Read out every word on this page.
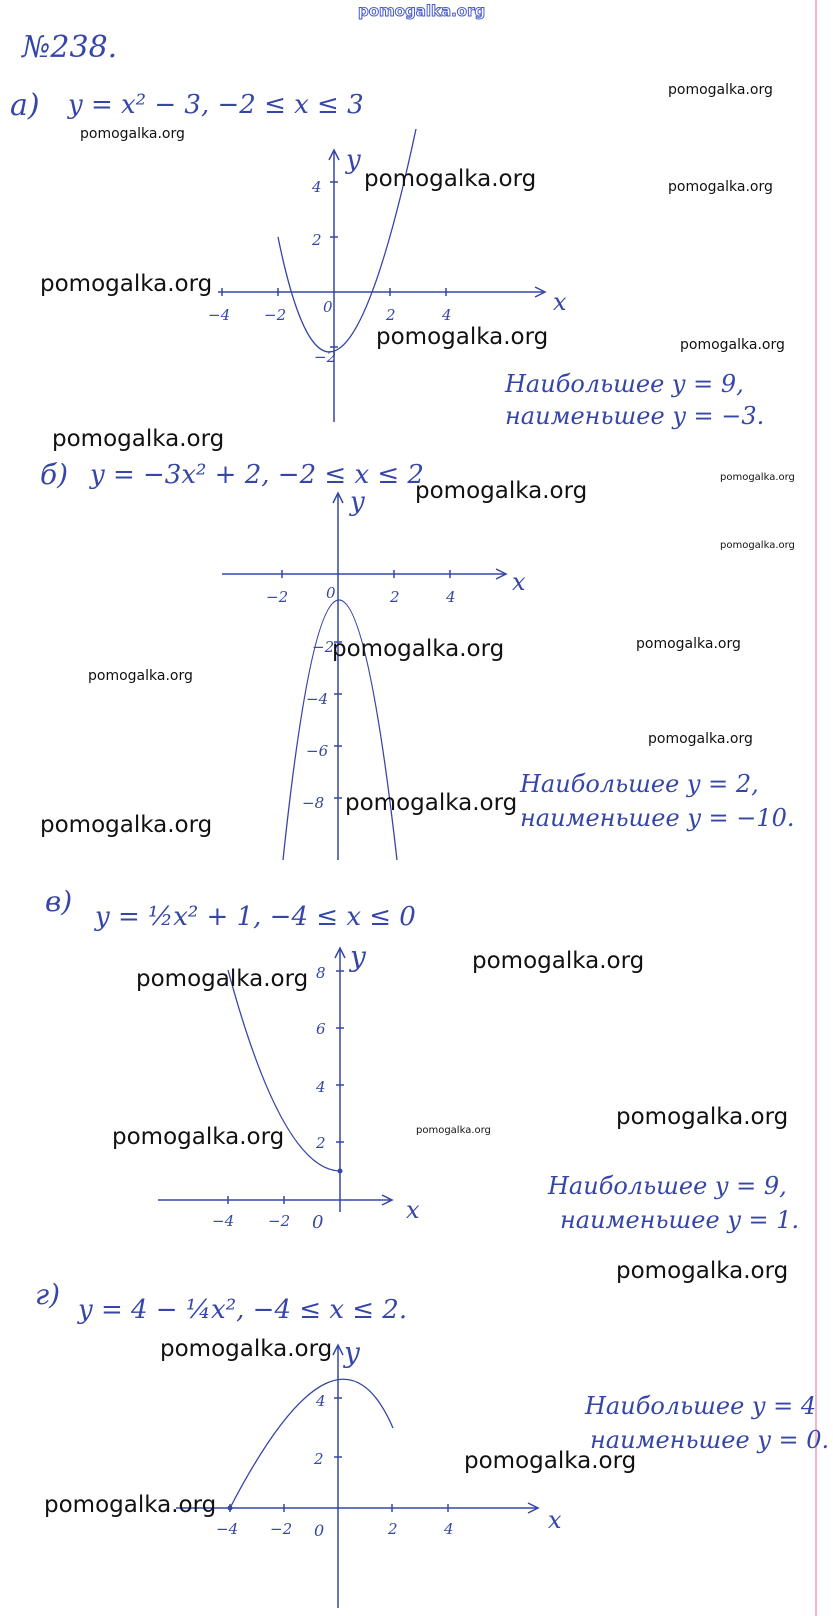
pomogalka.org
№238.
а) y = x² − 3, −2 ≤ x ≤ 3
Наибольшее y = 9,
наименьшее y = −3.
−4 −2 0	2	4
2
4
−2
y
x
б) y = −3x² + 2, −2 ≤ x ≤ 2
Наибольшее y = 2,
наименьшее y = −10.
−2	0	2	4
−2
−4
−6
−8
y
x
в) y = ½x² + 1, −4 ≤ x ≤ 0
Наибольшее y = 9,
наименьшее y = 1.
−4 −2 0
2
4
6
8 y
x
г) y = 4 − ¼x², −4 ≤ x ≤ 2.
Наибольшее y = 4
наименьшее y = 0.
−4 −2 0	2	4
2
4
y
x
pomogalka.org
pomogalka.org
pomogalka.org	pomogalka.org
pomogalka.org
pomogalka.org	pomogalka.org
pomogalka.org
pomogalka.org
pomogalka.org
pomogalka.org
pomogalka.org
pomogalka.org
pomogalka.org
pomogalka.org
pomogalka.org
pomogalka.org
pomogalka.org
pomogalka.org
pomogalka.org
pomogalka.org
pomogalka.org
pomogalka.org
pomogalka.org
pomogalka.org
pomogalka.org
